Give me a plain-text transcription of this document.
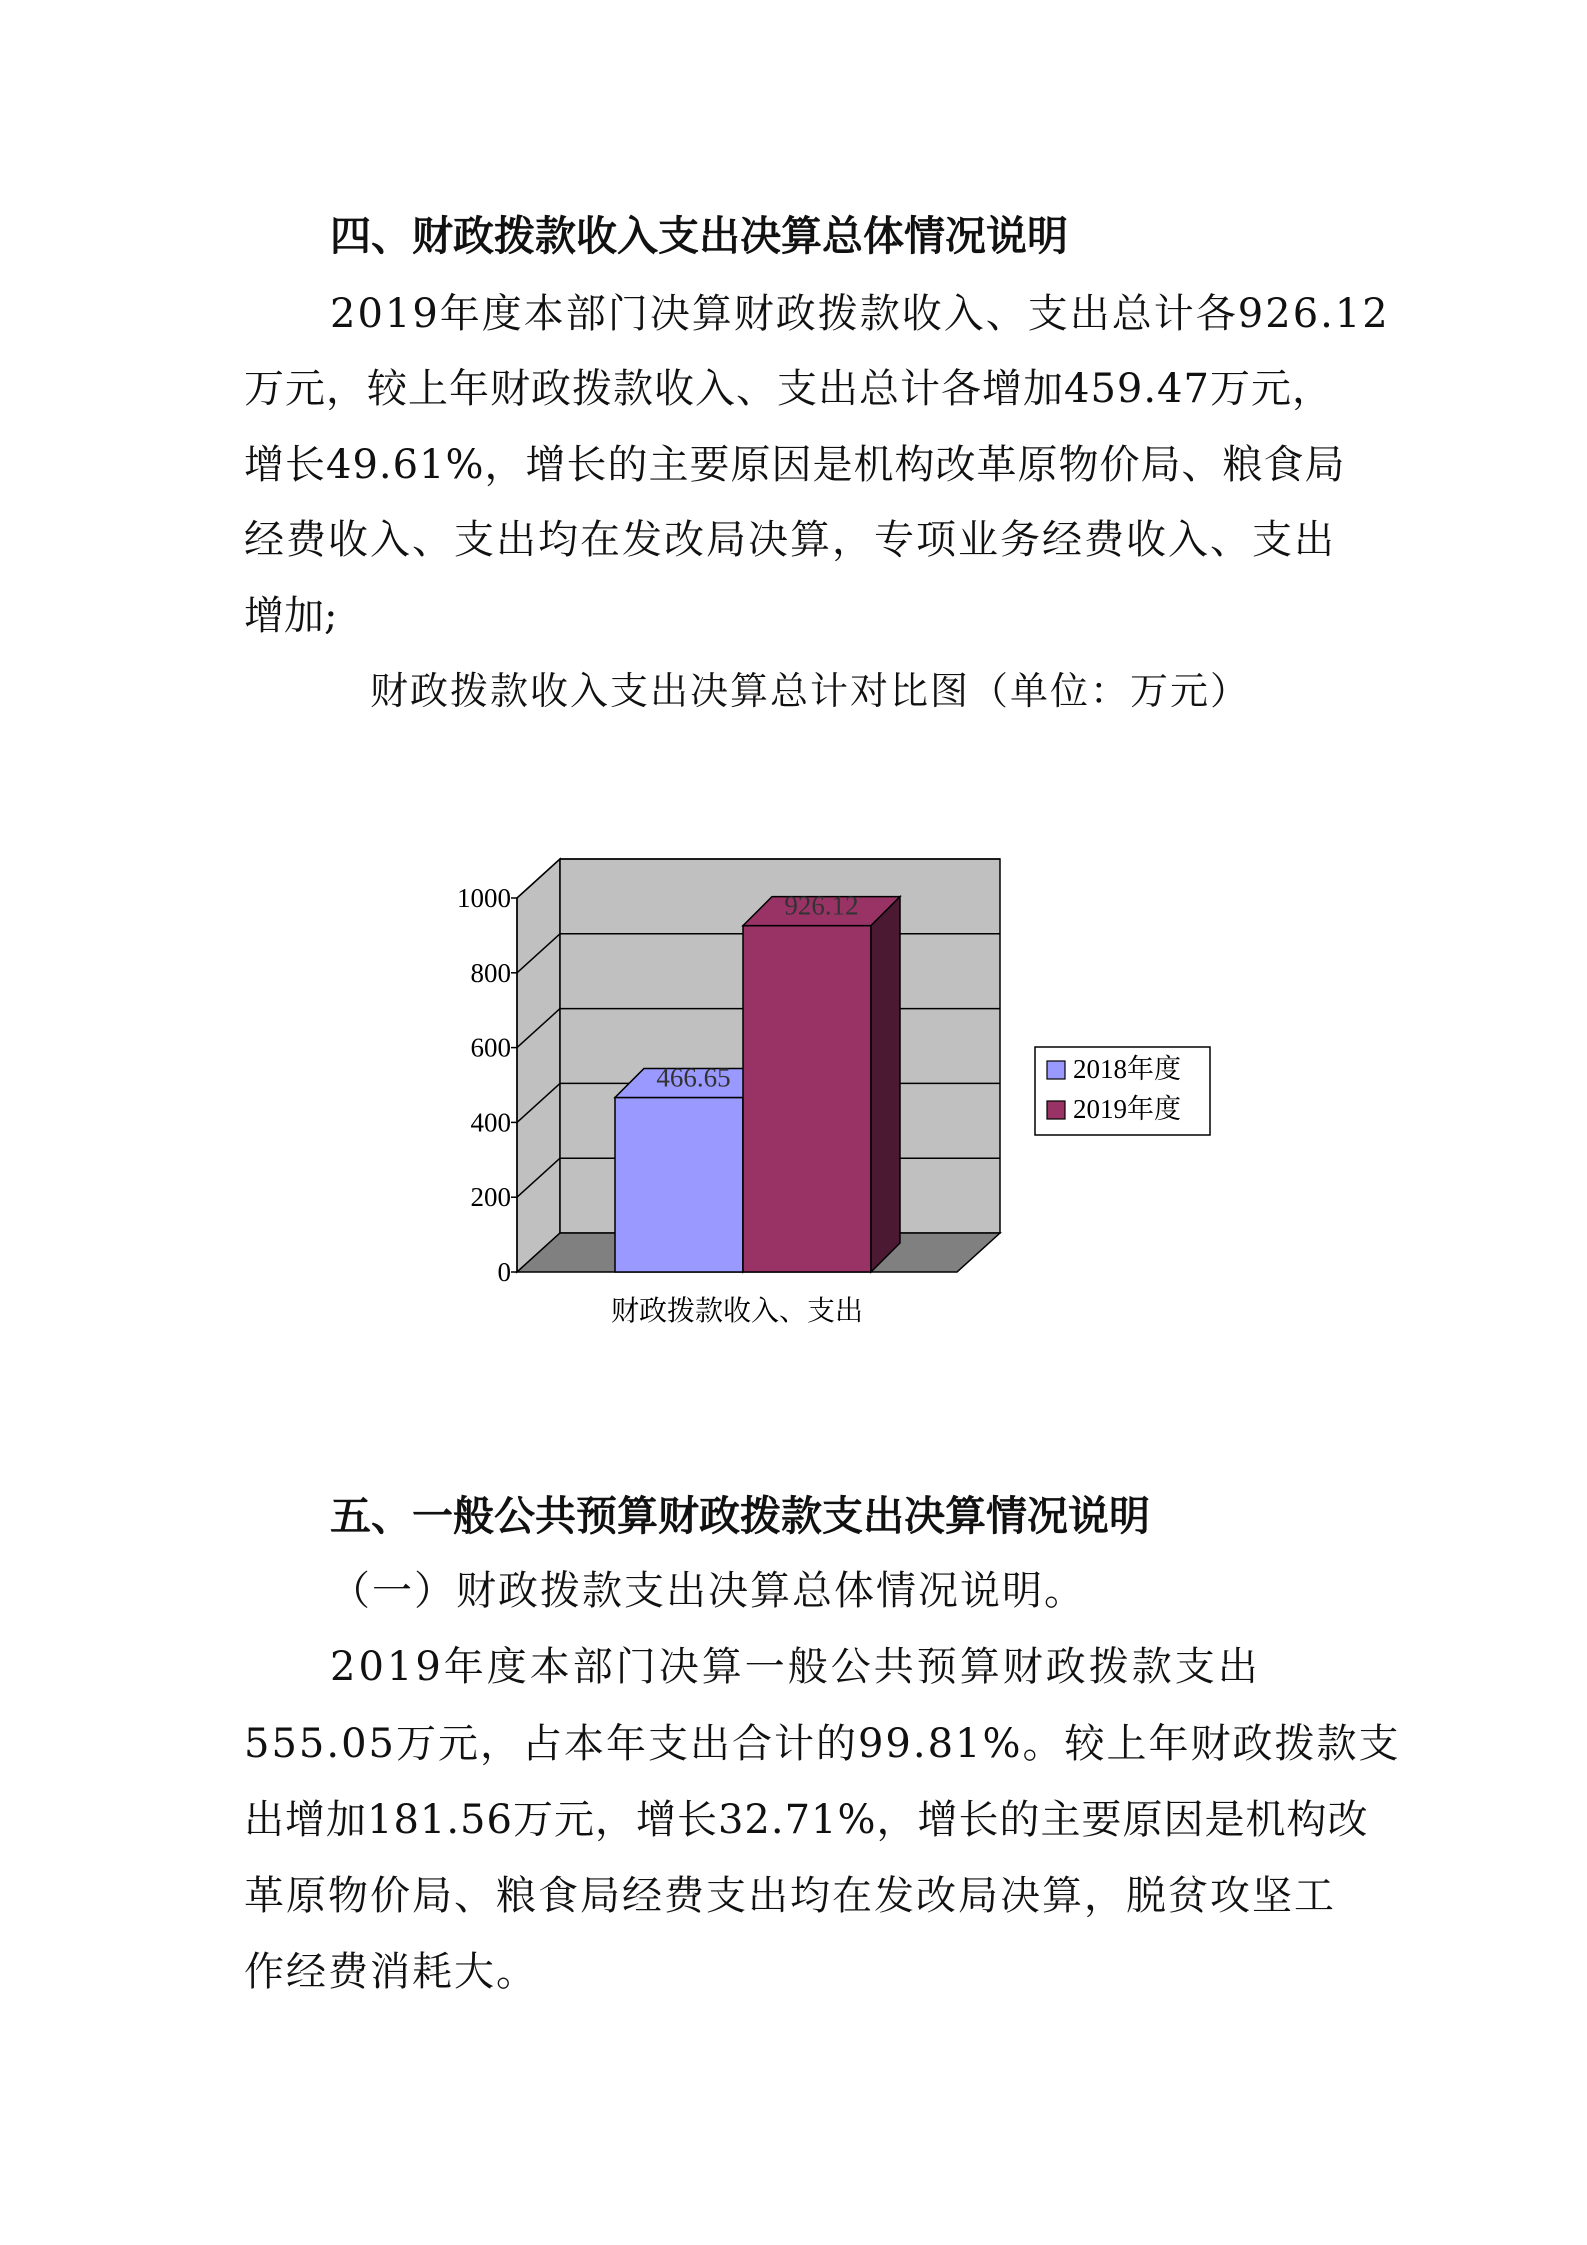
四、财政拨款收入支出决算总体情况说明
2019年度本部门决算财政拨款收入、支出总计各926.12
万元，较上年财政拨款收入、支出总计各增加459.47万元，
增长49.61%，增长的主要原因是机构改革原物价局、粮食局
经费收入、支出均在发改局决算，专项业务经费收入、支出
增加;
财政拨款收入支出决算总计对比图（单位：万元）
466.65
926.12
0
200
400
600
800
1000
财政拨款收入、支出
2018年度
2019年度
五、一般公共预算财政拨款支出决算情况说明
（一）财政拨款支出决算总体情况说明。
2019年度本部门决算一般公共预算财政拨款支出
555.05万元，占本年支出合计的99.81%。较上年财政拨款支
出增加181.56万元，增长32.71%，增长的主要原因是机构改
革原物价局、粮食局经费支出均在发改局决算，脱贫攻坚工
作经费消耗大。
